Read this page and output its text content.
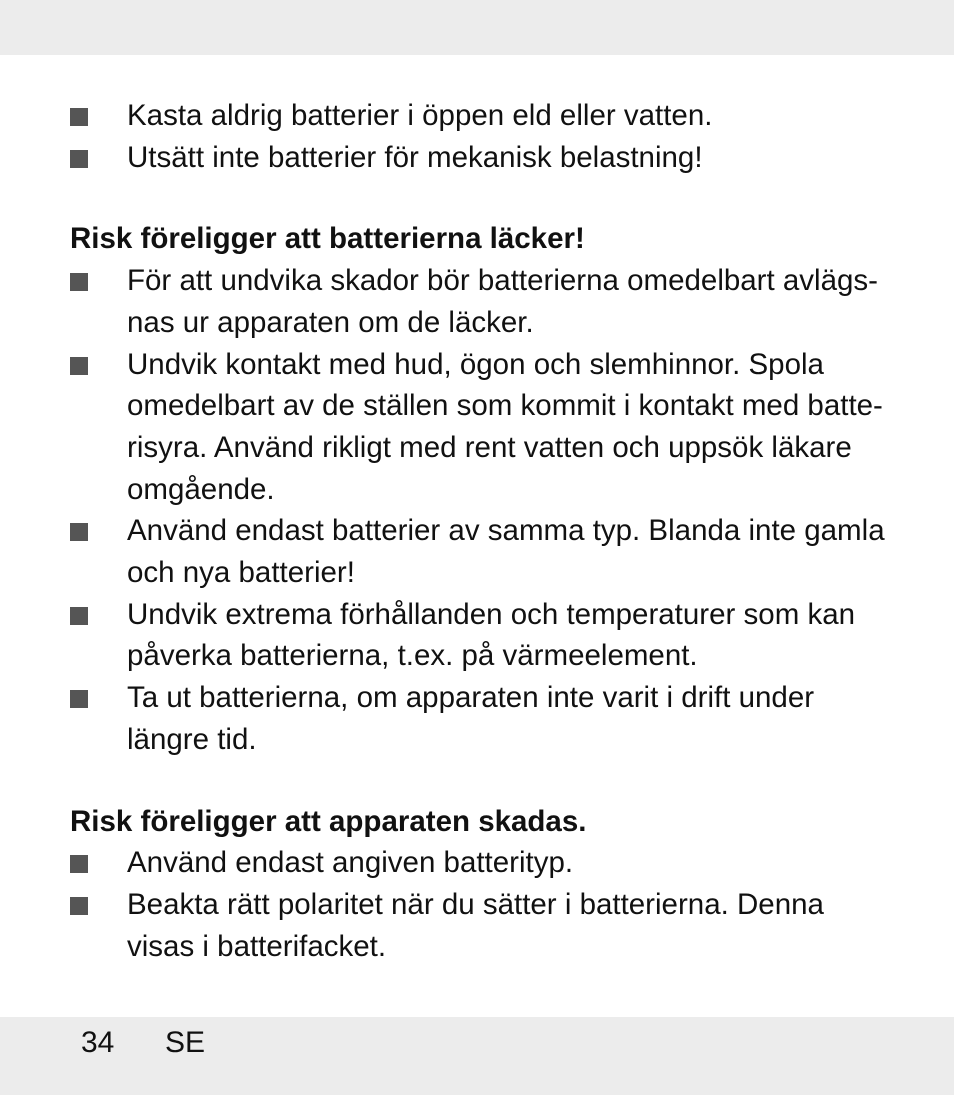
Kasta aldrig batterier i öppen eld eller vatten.
Utsätt inte batterier för mekanisk belastning!
Risk föreligger att batterierna läcker!
För att undvika skador bör batterierna omedelbart avlägs-nas ur apparaten om de läcker.
Undvik kontakt med hud, ögon och slemhinnor. Spola omedelbart av de ställen som kommit i kontakt med batte-risyra. Använd rikligt med rent vatten och uppsök läkare omgående.
Använd endast batterier av samma typ. Blanda inte gamla och nya batterier!
Undvik extrema förhållanden och temperaturer som kan påverka batterierna, t.ex. på värmeelement.
Ta ut batterierna, om apparaten inte varit i drift under längre tid.
Risk föreligger att apparaten skadas.
Använd endast angiven batterityp.
Beakta rätt polaritet när du sätter i batterierna. Denna visas i batterifacket.
34 SE
